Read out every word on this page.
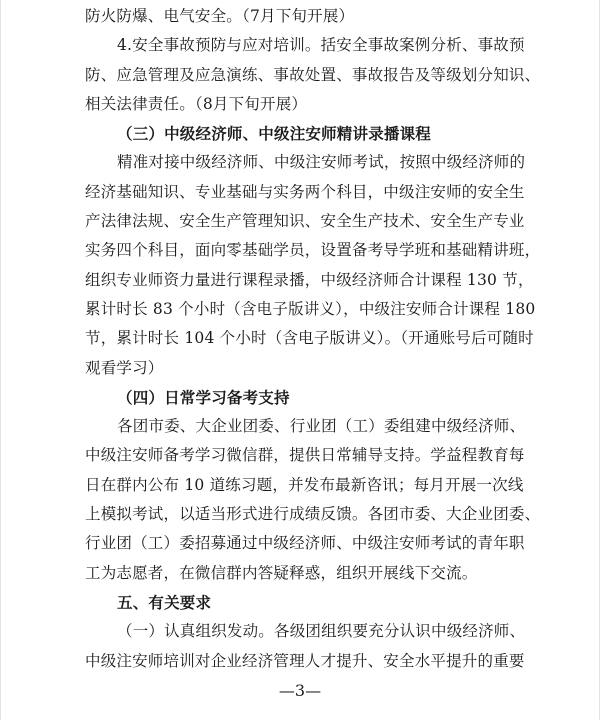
防火防爆、电气安全。（7月下旬开展）
4.安全事故预防与应对培训。括安全事故案例分析、事故预
防、应急管理及应急演练、事故处置、事故报告及等级划分知识、
相关法律责任。（8月下旬开展）
（三）中级经济师、中级注安师精讲录播课程
精准对接中级经济师、中级注安师考试，按照中级经济师的
经济基础知识、专业基础与实务两个科目，中级注安师的安全生
产法律法规、安全生产管理知识、安全生产技术、安全生产专业
实务四个科目，面向零基础学员，设置备考导学班和基础精讲班，
组织专业师资力量进行课程录播，中级经济师合计课程 130 节，
累计时长 83 个小时（含电子版讲义），中级注安师合计课程 180
节，累计时长 104 个小时（含电子版讲义）。（开通账号后可随时
观看学习）
（四）日常学习备考支持
各团市委、大企业团委、行业团（工）委组建中级经济师、
中级注安师备考学习微信群，提供日常辅导支持。学益程教育每
日在群内公布 10 道练习题，并发布最新咨讯；每月开展一次线
上模拟考试，以适当形式进行成绩反馈。各团市委、大企业团委、
行业团（工）委招募通过中级经济师、中级注安师考试的青年职
工为志愿者，在微信群内答疑释惑，组织开展线下交流。
五、有关要求
（一）认真组织发动。各级团组织要充分认识中级经济师、
中级注安师培训对企业经济管理人才提升、安全水平提升的重要
—3—
